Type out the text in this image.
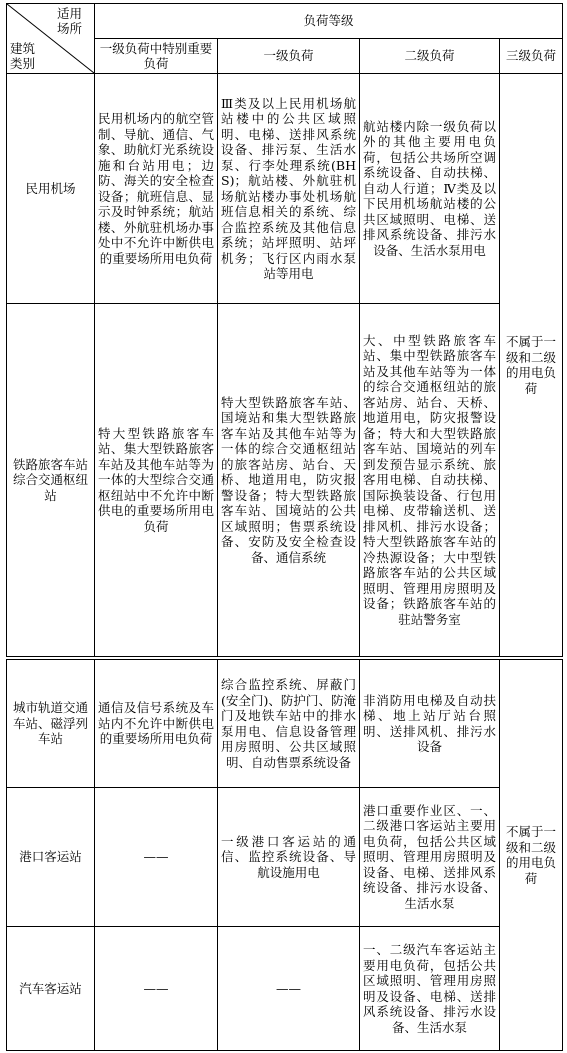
适用场所
建筑类别	负荷等级			
	一级负荷中特别重要负荷	一级负荷	二级负荷	三级负荷
民用机场	民用机场内的航空管制、导航、通信、气象、助航灯光系统设施和台站用电；边防、海关的安全检查设备；航班信息、显示及时钟系统；航站楼、外航驻机场办事处中不允许中断供电的重要场所用电负荷	Ⅲ类及以上民用机场航站楼中的公共区域照明、电梯、送排风系统设备、排污泵、生活水泵、行李处理系统(BHS)；航站楼、外航驻机场航站楼办事处机场航班信息相关的系统、综合监控系统及其他信息系统；站坪照明、站坪机务；飞行区内雨水泵站等用电	航站楼内除一级负荷以外的其他主要用电负荷，包括公共场所空调系统设备、自动扶梯、自动人行道；Ⅳ类及以下民用机场航站楼的公共区域照明、电梯、送排风系统设备、排污水设备、生活水泵用电	不属于一级和二级的用电负荷
铁路旅客车站综合交通枢纽站	特大型铁路旅客车站、集大型铁路旅客车站及其他车站等为一体的大型综合交通枢纽站中不允许中断供电的重要场所用电负荷	特大型铁路旅客车站、国境站和集大型铁路旅客车站及其他车站等为一体的综合交通枢纽站的旅客站房、站台、天桥、地道用电，防灾报警设备；特大型铁路旅客车站、国境站的公共区域照明；售票系统设备、安防及安全检查设备、通信系统	大、中型铁路旅客车站、集中型铁路旅客车站及其他车站等为一体的综合交通枢纽站的旅客站房、站台、天桥、地道用电，防灾报警设备；特大和大型铁路旅客车站、国境站的列车到发预告显示系统、旅客用电梯、自动扶梯、国际换装设备、行包用电梯、皮带输送机、送排风机、排污水设备；特大型铁路旅客车站的冷热源设备；大中型铁路旅客车站的公共区域照明、管理用房照明及设备；铁路旅客车站的驻站警务室	
城市轨道交通车站、磁浮列车站	通信及信号系统及车站内不允许中断供电的重要场所用电负荷	综合监控系统、屏蔽门(安全门)、防护门、防淹门及地铁车站中的排水泵用电、信息设备管理用房照明、公共区域照明、自动售票系统设备	非消防用电梯及自动扶梯、地上站厅站台照明、送排风机、排污水设备	不属于一级和二级的用电负荷
港口客运站	——	一级港口客运站的通信、监控系统设备、导航设施用电	港口重要作业区、一、二级港口客运站主要用电负荷，包括公共区域照明、管理用房照明及设备、电梯、送排风系统设备、排污水设备、生活水泵	
汽车客运站	——	——	一、二级汽车客运站主要用电负荷，包括公共区域照明、管理用房照明及设备、电梯、送排风系统设备、排污水设备、生活水泵	
